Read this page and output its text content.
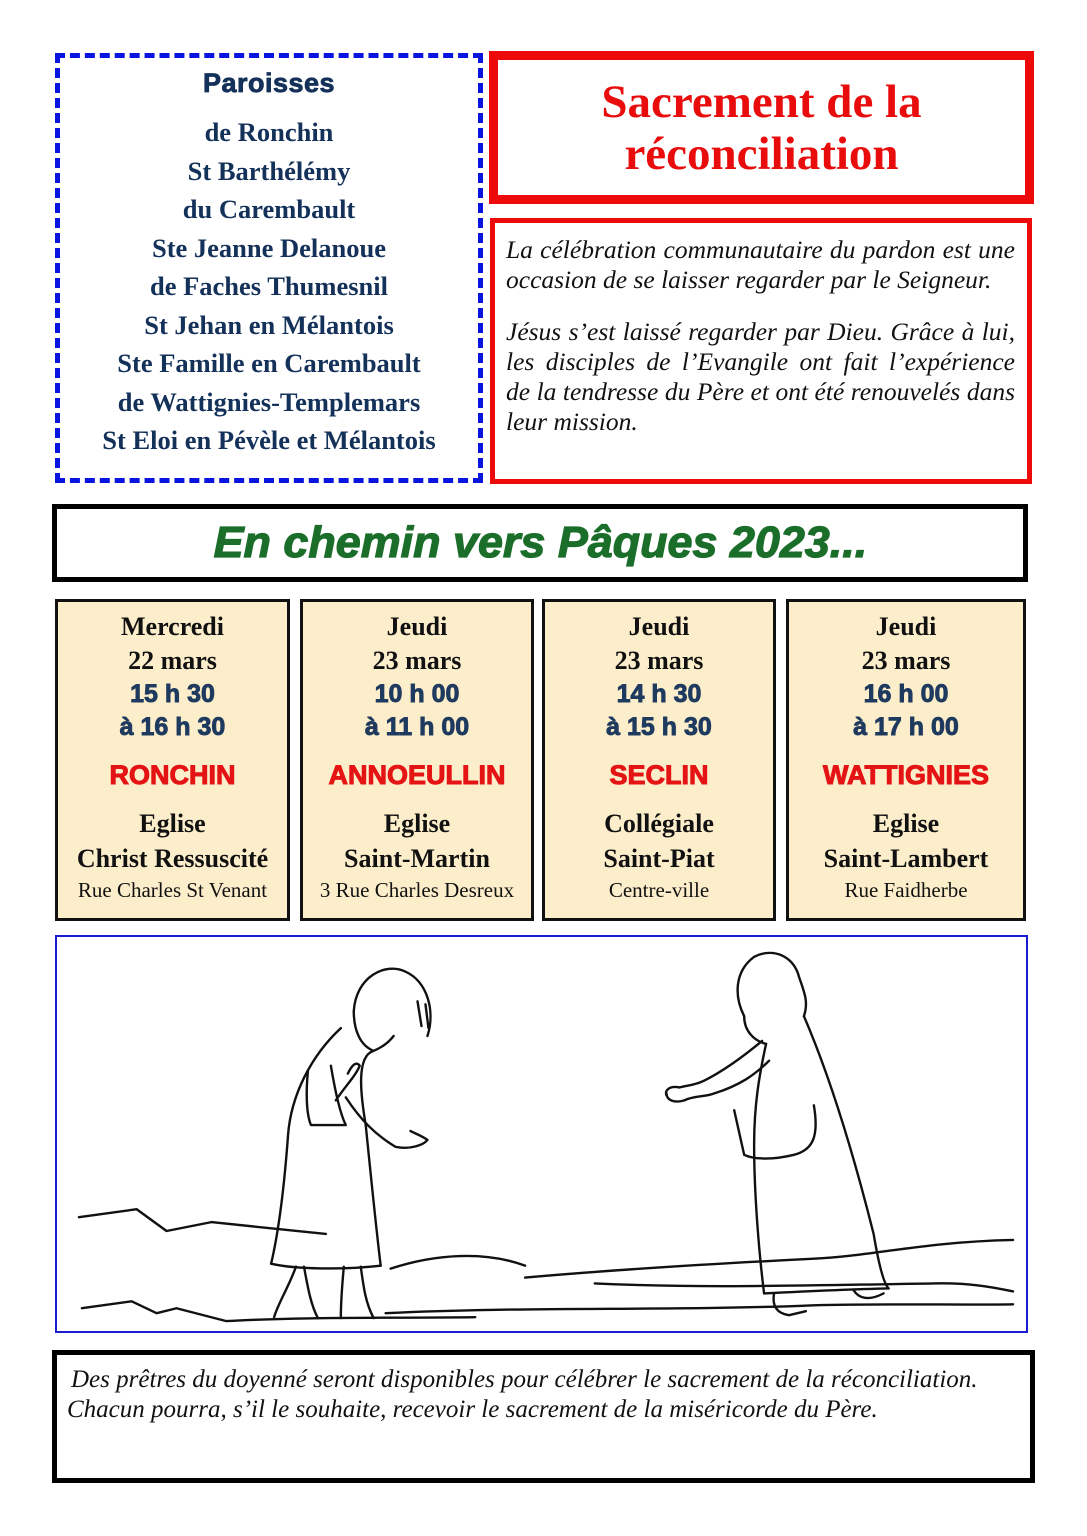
Paroisses
de Ronchin
St Barthélémy
du Carembault
Ste Jeanne Delanoue
de Faches Thumesnil
St Jehan en Mélantois
Ste Famille en Carembault
de Wattignies-Templemars
St Eloi en Pévèle et Mélantois
Sacrement de la
réconciliation

La célébration communautaire du pardon est une occasion de se laisser regarder par le Seigneur.

Jésus s’est laissé regarder par Dieu. Grâce à lui, les disciples de l’Evangile ont fait l’expérience de la tendresse du Père et ont été renouvelés dans leur mission.

En chemin vers Pâques 2023...
Mercredi
22 mars
15 h 30
à 16 h 30
RONCHIN
Eglise
Christ Ressuscité
Rue Charles St Venant
Jeudi
23 mars
10 h 00
à 11 h 00
ANNOEULLIN
Eglise
Saint-Martin
3 Rue Charles Desreux
Jeudi
23 mars
14 h 30
à 15 h 30
SECLIN
Collégiale
Saint-Piat
Centre-ville
Jeudi
23 mars
16 h 00
à 17 h 00
WATTIGNIES
Eglise
Saint-Lambert
Rue Faidherbe

Des prêtres du doyenné seront disponibles pour célébrer le sacrement de la réconciliation.

Chacun pourra, s’il le souhaite, recevoir le sacrement de la miséricorde du Père.
